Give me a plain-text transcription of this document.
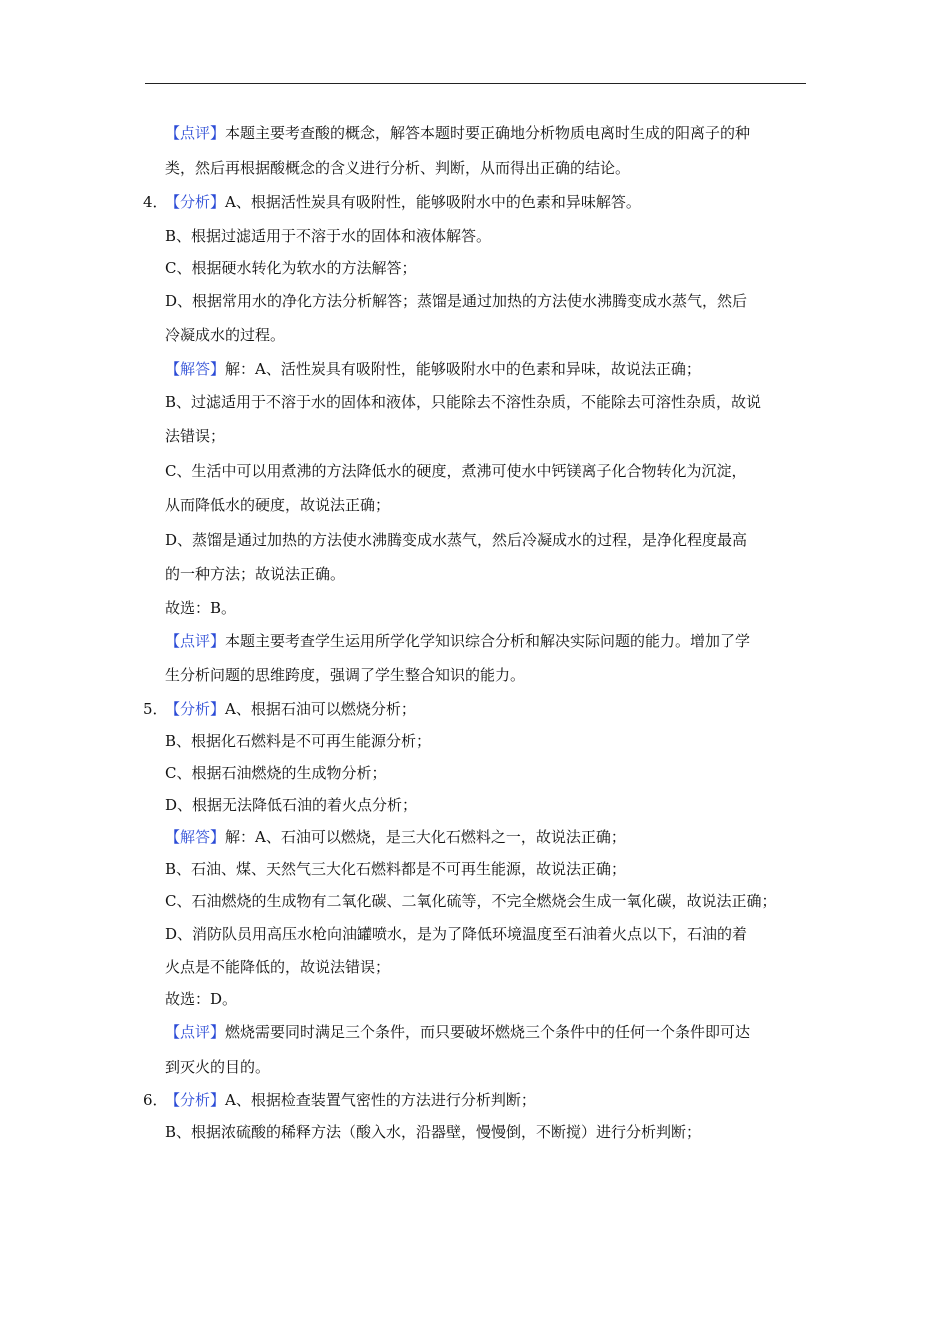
【点评】本题主要考查酸的概念，解答本题时要正确地分析物质电离时生成的阳离子的种
类，然后再根据酸概念的含义进行分析、判断，从而得出正确的结论。
4．
【分析】A、根据活性炭具有吸附性，能够吸附水中的色素和异味解答。
B、根据过滤适用于不溶于水的固体和液体解答。
C、根据硬水转化为软水的方法解答；
D、根据常用水的净化方法分析解答；蒸馏是通过加热的方法使水沸腾变成水蒸气，然后
冷凝成水的过程。
【解答】解：A、活性炭具有吸附性，能够吸附水中的色素和异味，故说法正确；
B、过滤适用于不溶于水的固体和液体，只能除去不溶性杂质，不能除去可溶性杂质，故说
法错误；
C、生活中可以用煮沸的方法降低水的硬度，煮沸可使水中钙镁离子化合物转化为沉淀，
从而降低水的硬度，故说法正确；
D、蒸馏是通过加热的方法使水沸腾变成水蒸气，然后冷凝成水的过程，是净化程度最高
的一种方法；故说法正确。
故选：B。
【点评】本题主要考查学生运用所学化学知识综合分析和解决实际问题的能力。增加了学
生分析问题的思维跨度，强调了学生整合知识的能力。
5．
【分析】A、根据石油可以燃烧分析；
B、根据化石燃料是不可再生能源分析；
C、根据石油燃烧的生成物分析；
D、根据无法降低石油的着火点分析；
【解答】解：A、石油可以燃烧，是三大化石燃料之一，故说法正确；
B、石油、煤、天然气三大化石燃料都是不可再生能源，故说法正确；
C、石油燃烧的生成物有二氧化碳、二氧化硫等，不完全燃烧会生成一氧化碳，故说法正确；
D、消防队员用高压水枪向油罐喷水，是为了降低环境温度至石油着火点以下，石油的着
火点是不能降低的，故说法错误；
故选：D。
【点评】燃烧需要同时满足三个条件，而只要破坏燃烧三个条件中的任何一个条件即可达
到灭火的目的。
6．
【分析】A、根据检查装置气密性的方法进行分析判断；
B、根据浓硫酸的稀释方法（酸入水，沿器壁，慢慢倒，不断搅）进行分析判断；
